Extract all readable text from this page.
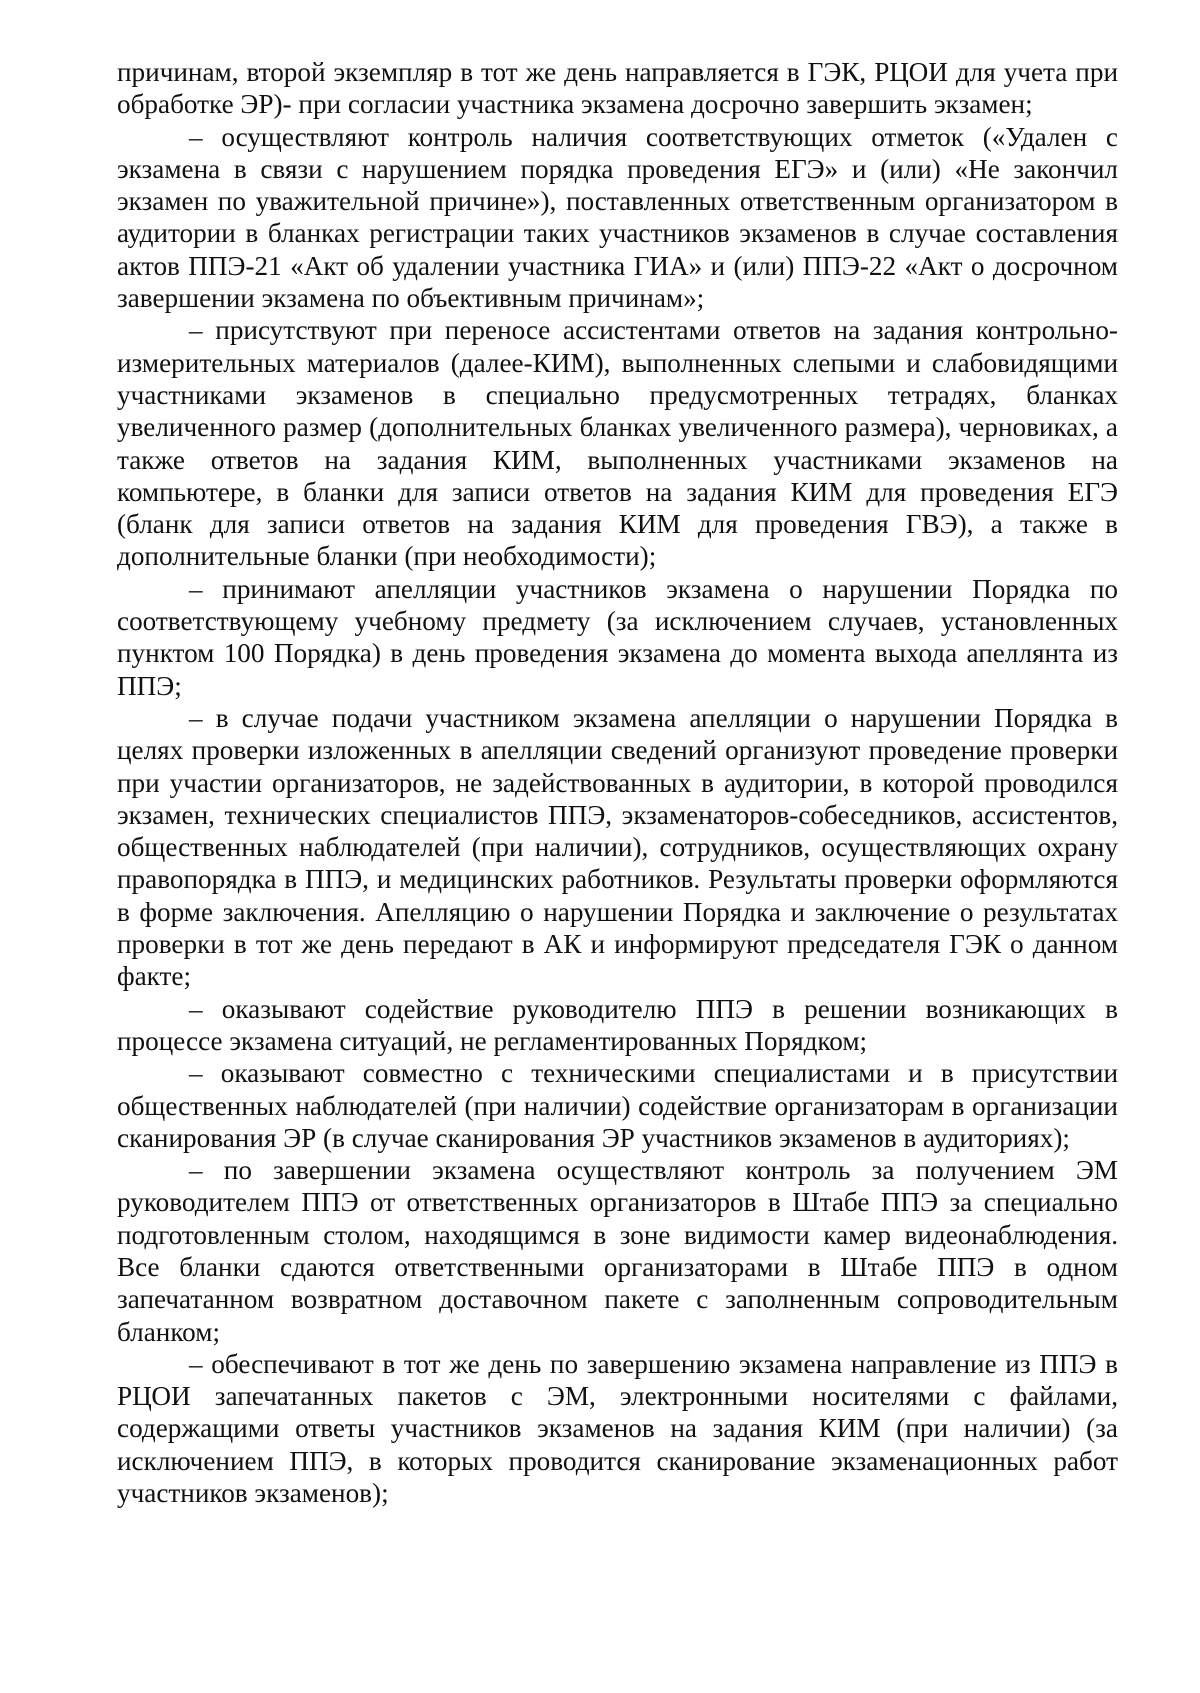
причинам, второй экземпляр в тот же день направляется в ГЭК, РЦОИ для учета при обработке ЭР)- при согласии участника экзамена досрочно завершить экзамен;

– осуществляют контроль наличия соответствующих отметок («Удален с экзамена в связи с нарушением порядка проведения ЕГЭ» и (или) «Не закончил экзамен по уважительной причине»), поставленных ответственным организатором в аудитории в бланках регистрации таких участников экзаменов в случае составления актов ППЭ-21 «Акт об удалении участника ГИА» и (или) ППЭ-22 «Акт о досрочном завершении экзамена по объективным причинам»;

– присутствуют при переносе ассистентами ответов на задания контрольно-измерительных материалов (далее-КИМ), выполненных слепыми и слабовидящими участниками экзаменов в специально предусмотренных тетрадях, бланках увеличенного размер (дополнительных бланках увеличенного размера), черновиках, а также ответов на задания КИМ, выполненных участниками экзаменов на компьютере, в бланки для записи ответов на задания КИМ для проведения ЕГЭ (бланк для записи ответов на задания КИМ для проведения ГВЭ), а также в дополнительные бланки (при необходимости);

– принимают апелляции участников экзамена о нарушении Порядка по соответствующему учебному предмету (за исключением случаев, установленных пунктом 100 Порядка) в день проведения экзамена до момента выхода апеллянта из ППЭ;

– в случае подачи участником экзамена апелляции о нарушении Порядка в целях проверки изложенных в апелляции сведений организуют проведение проверки при участии организаторов, не задействованных в аудитории, в которой проводился экзамен, технических специалистов ППЭ, экзаменаторов-собеседников, ассистентов, общественных наблюдателей (при наличии), сотрудников, осуществляющих охрану правопорядка в ППЭ, и медицинских работников. Результаты проверки оформляются в форме заключения. Апелляцию о нарушении Порядка и заключение о результатах проверки в тот же день передают в АК и информируют председателя ГЭК о данном факте;

– оказывают содействие руководителю ППЭ в решении возникающих в процессе экзамена ситуаций, не регламентированных Порядком;

– оказывают совместно с техническими специалистами и в присутствии общественных наблюдателей (при наличии) содействие организаторам в организации сканирования ЭР (в случае сканирования ЭР участников экзаменов в аудиториях);

– по завершении экзамена осуществляют контроль за получением ЭМ руководителем ППЭ от ответственных организаторов в Штабе ППЭ за специально подготовленным столом, находящимся в зоне видимости камер видеонаблюдения. Все бланки сдаются ответственными организаторами в Штабе ППЭ в одном запечатанном возвратном доставочном пакете с заполненным сопроводительным бланком;

– обеспечивают в тот же день по завершению экзамена направление из ППЭ в РЦОИ запечатанных пакетов с ЭМ, электронными носителями с файлами, содержащими ответы участников экзаменов на задания КИМ (при наличии) (за исключением ППЭ, в которых проводится сканирование экзаменационных работ участников экзаменов);
